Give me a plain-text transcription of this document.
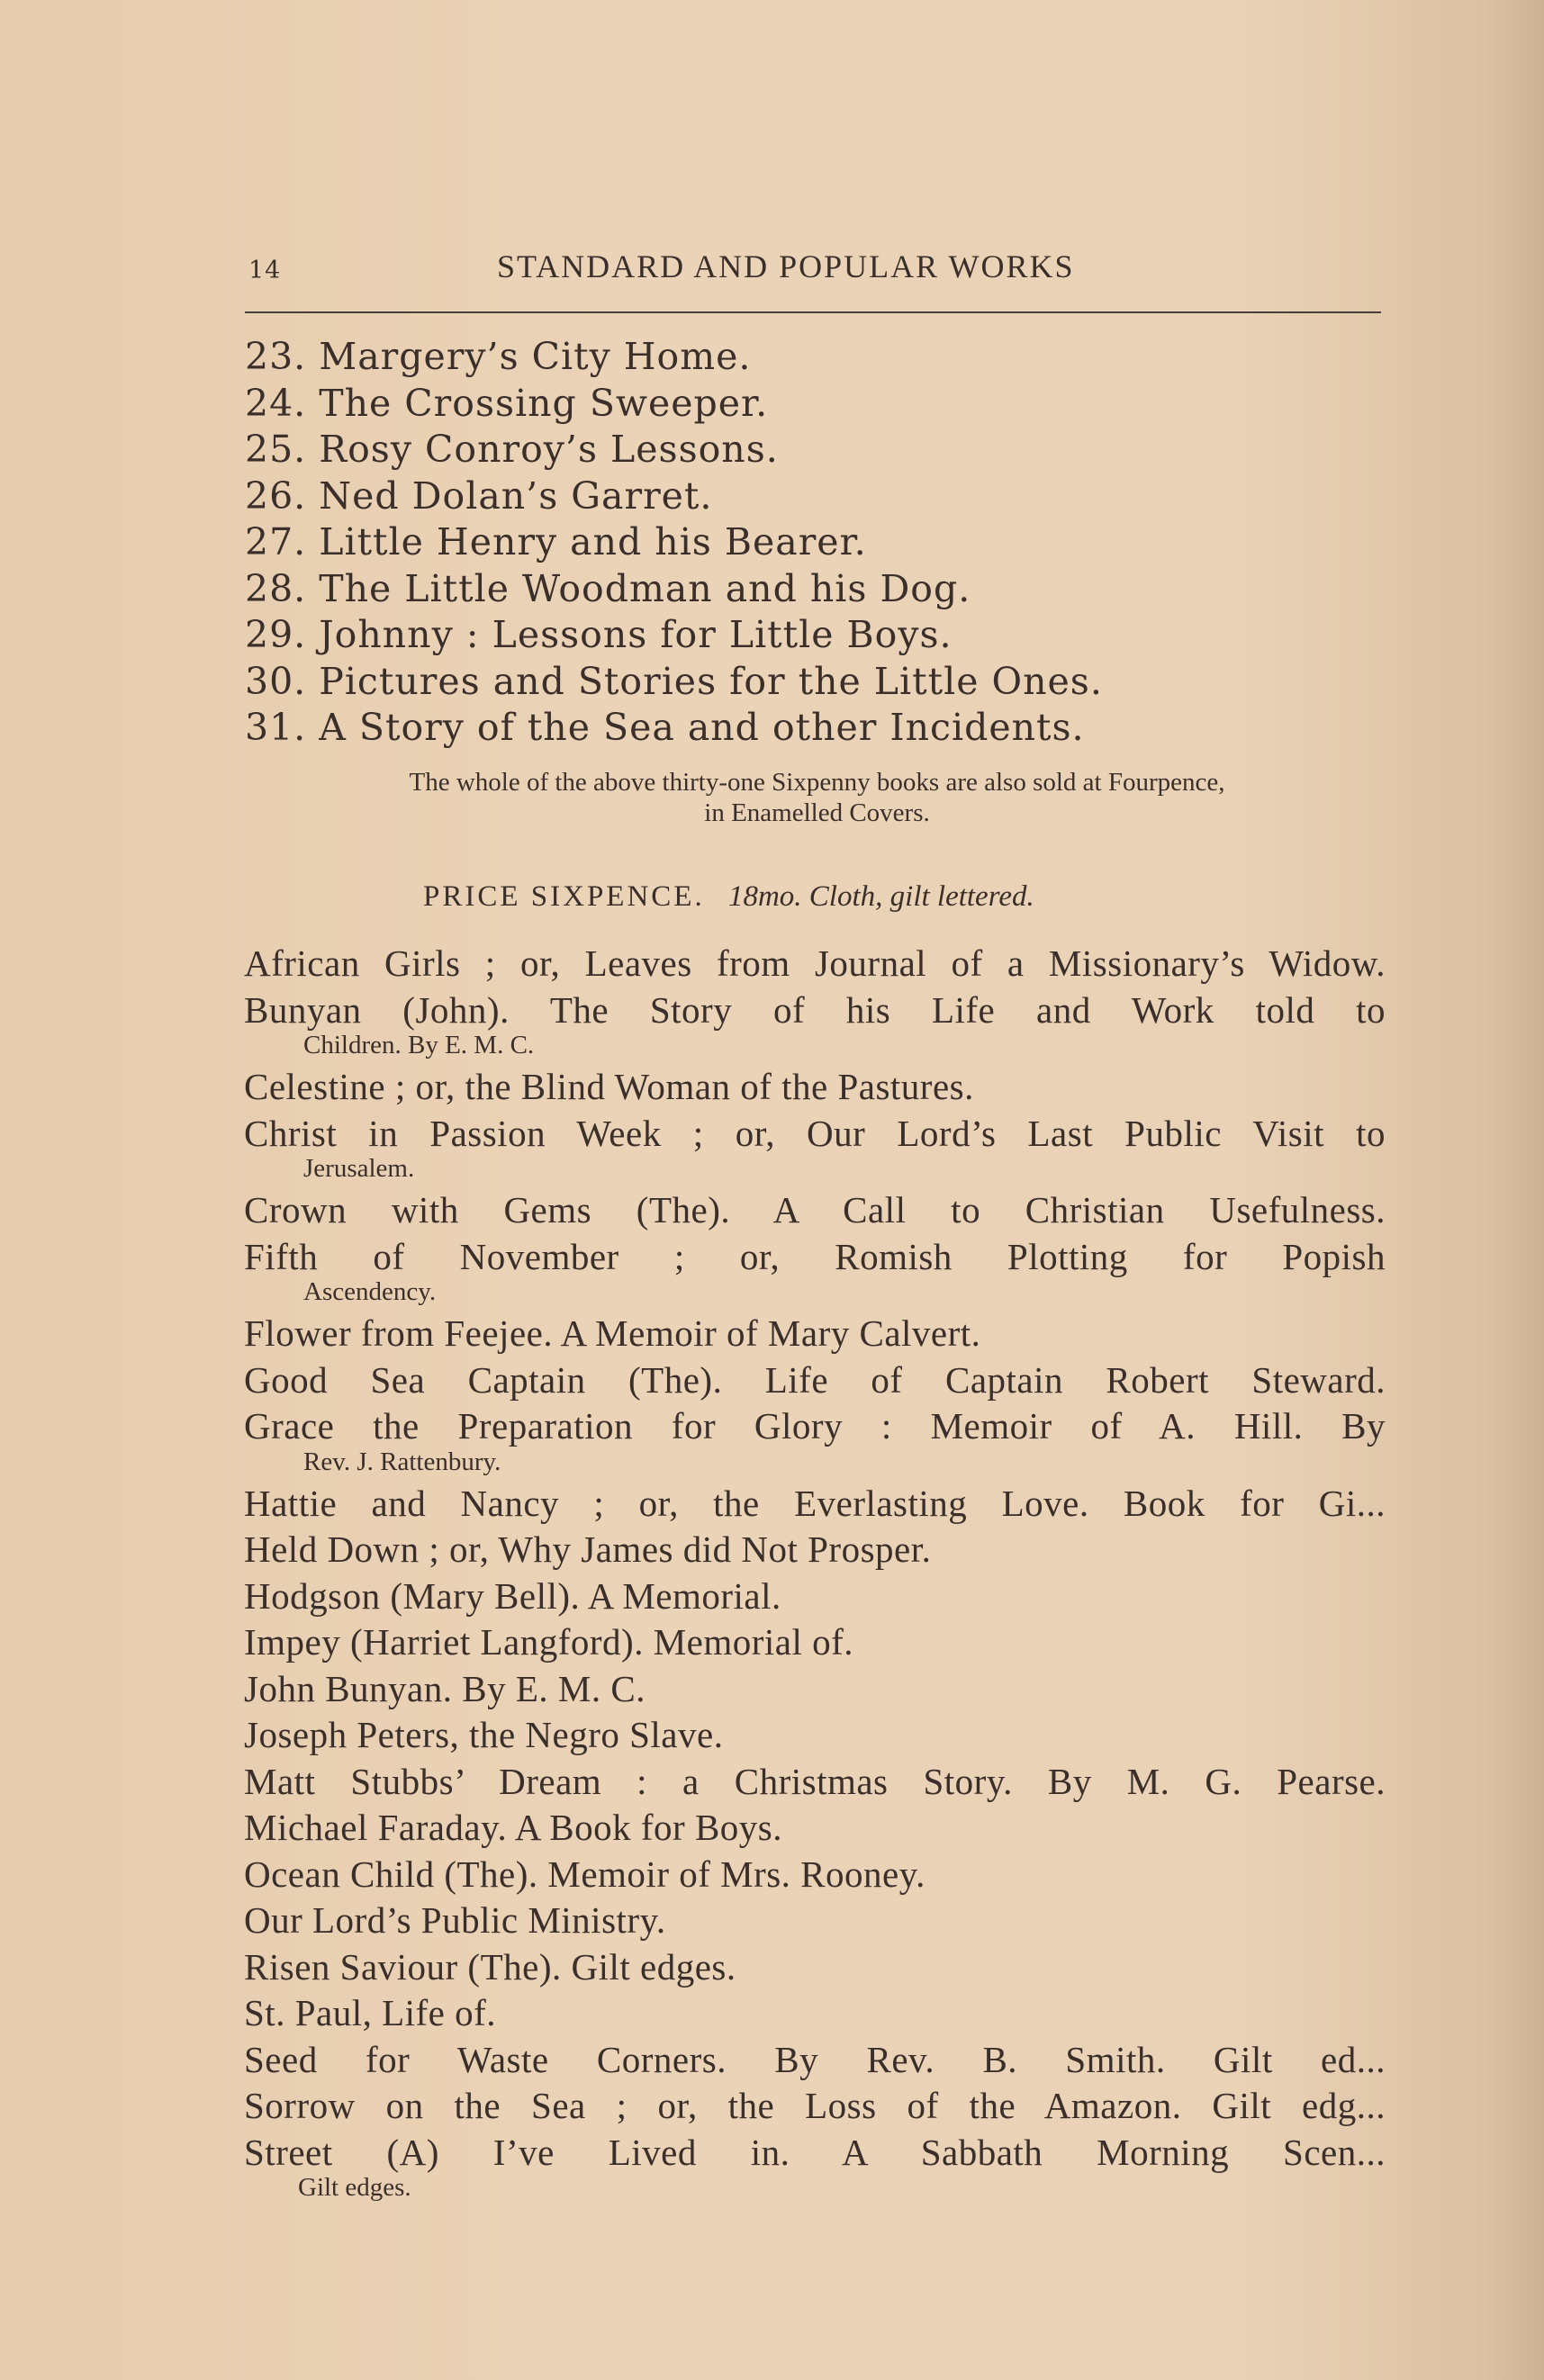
14	STANDARD AND POPULAR WORKS
23. Margery’s City Home.
24. The Crossing Sweeper.
25. Rosy Conroy’s Lessons.
26. Ned Dolan’s Garret.
27. Little Henry and his Bearer.
28. The Little Woodman and his Dog.
29. Johnny : Lessons for Little Boys.
30. Pictures and Stories for the Little Ones.
31. A Story of the Sea and other Incidents.
The whole of the above thirty-one Sixpenny books are also sold at Fourpence,
in Enamelled Covers.
PRICE SIXPENCE. 18mo. Cloth, gilt lettered.
African Girls ; or, Leaves from Journal of a Missionary’s Widow.
Bunyan (John). The Story of his Life and Work told to
Children. By E. M. C.
Celestine ; or, the Blind Woman of the Pastures.
Christ in Passion Week ; or, Our Lord’s Last Public Visit to
Jerusalem.
Crown with Gems (The). A Call to Christian Usefulness.
Fifth of November ; or, Romish Plotting for Popish
Ascendency.
Flower from Feejee. A Memoir of Mary Calvert.
Good Sea Captain (The). Life of Captain Robert Steward.
Grace the Preparation for Glory : Memoir of A. Hill. By
Rev. J. Rattenbury.
Hattie and Nancy ; or, the Everlasting Love. Book for Gi...
Held Down ; or, Why James did Not Prosper.
Hodgson (Mary Bell). A Memorial.
Impey (Harriet Langford). Memorial of.
John Bunyan. By E. M. C.
Joseph Peters, the Negro Slave.
Matt Stubbs’ Dream : a Christmas Story. By M. G. Pearse.
Michael Faraday. A Book for Boys.
Ocean Child (The). Memoir of Mrs. Rooney.
Our Lord’s Public Ministry.
Risen Saviour (The). Gilt edges.
St. Paul, Life of.
Seed for Waste Corners. By Rev. B. Smith. Gilt ed...
Sorrow on the Sea ; or, the Loss of the Amazon. Gilt edg...
Street (A) I’ve Lived in. A Sabbath Morning Scen...
Gilt edges.
